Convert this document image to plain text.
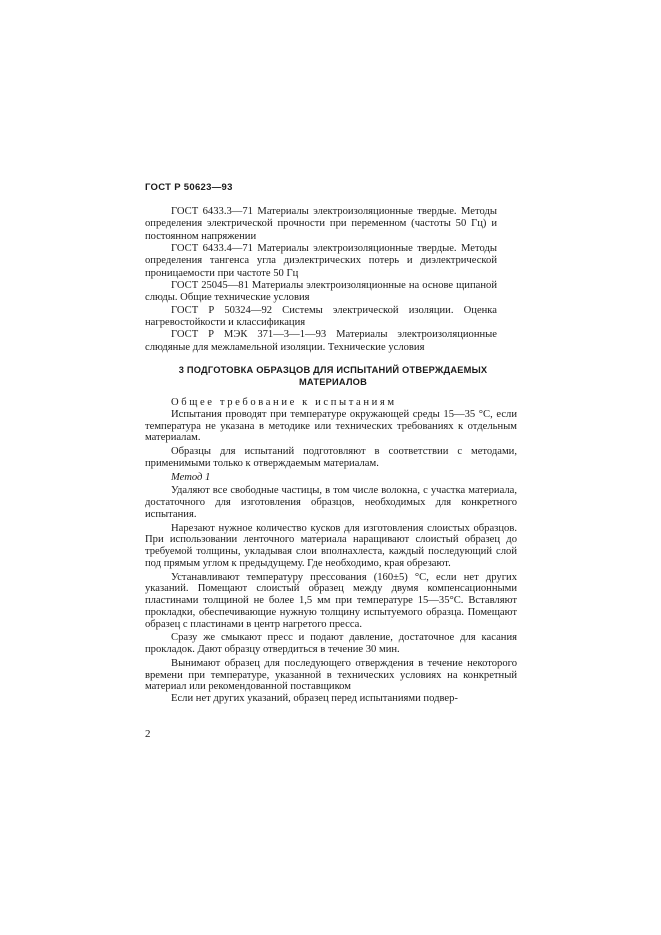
ГОСТ Р 50623—93

ГОСТ 6433.3—71 Материалы электроизоляционные твердые. Методы определения электрической прочности при переменном (частоты 50 Гц) и постоянном напряжении

ГОСТ 6433.4—71 Материалы электроизоляционные твердые. Методы определения тангенса угла диэлектрических потерь и диэлектрической проницаемости при частоте 50 Гц

ГОСТ 25045—81 Материалы электроизоляционные на основе щипаной слюды. Общие технические условия

ГОСТ Р 50324—92 Системы электрической изоляции. Оценка нагревостойкости и классификация

ГОСТ Р МЭК 371—3—1—93 Материалы электроизоляционные слюдяные для межламельной изоляции. Технические условия

3 ПОДГОТОВКА ОБРАЗЦОВ ДЛЯ ИСПЫТАНИЙ ОТВЕРЖДАЕМЫХ МАТЕРИАЛОВ

Общее требование к испытаниям

Испытания проводят при температуре окружающей среды 15—35 °С, если температура не указана в методике или технических требованиях к отдельным материалам.

Образцы для испытаний подготовляют в соответствии с методами, применимыми только к отверждаемым материалам.

Метод 1

Удаляют все свободные частицы, в том числе волокна, с участка материала, достаточного для изготовления образцов, необходимых для конкретного испытания.

Нарезают нужное количество кусков для изготовления слоистых образцов. При использовании ленточного материала наращивают слоистый образец до требуемой толщины, укладывая слои вполнахлеста, каждый последующий слой под прямым углом к предыдущему. Где необходимо, края обрезают.

Устанавливают температуру прессования (160±5) °С, если нет других указаний. Помещают слоистый образец между двумя компенсационными пластинами толщиной не более 1,5 мм при температуре 15—35°С. Вставляют прокладки, обеспечивающие нужную толщину испытуемого образца. Помещают образец с пластинами в центр нагретого пресса.

Сразу же смыкают пресс и подают давление, достаточное для касания прокладок. Дают образцу отвердиться в течение 30 мин.

Вынимают образец для последующего отверждения в течение некоторого времени при температуре, указанной в технических условиях на конкретный материал или рекомендованной поставщиком

Если нет других указаний, образец перед испытаниями подвер-

2
